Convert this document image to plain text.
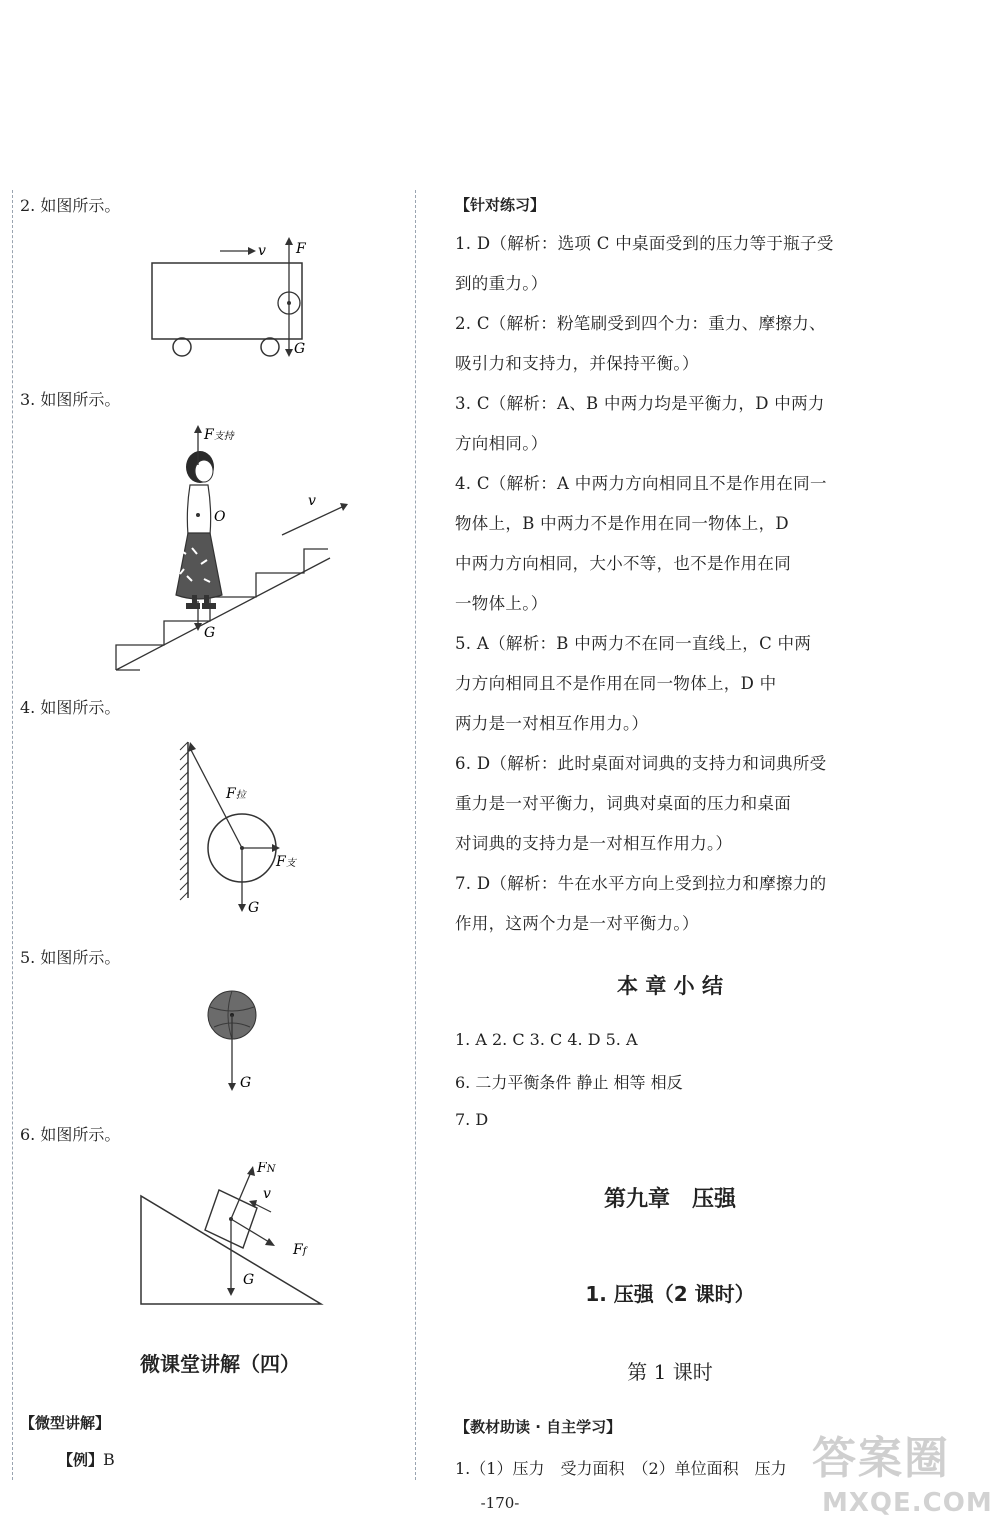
2. 如图所示。
v F
G
3. 如图所示。
v
F支持
O
G
4. 如图所示。
F拉
F支
G
5. 如图所示。
G
6. 如图所示。
FN
v
Ff
G
微课堂讲解（四）
【微型讲解】
【例】B
【针对练习】
1. D（解析：选项 C 中桌面受到的压力等于瓶子受
到的重力。）
2. C（解析：粉笔刷受到四个力：重力、摩擦力、
吸引力和支持力，并保持平衡。）
3. C（解析：A、B 中两力均是平衡力，D 中两力
方向相同。）
4. C（解析：A 中两力方向相同且不是作用在同一
物体上，B 中两力不是作用在同一物体上，D
中两力方向相同，大小不等，也不是作用在同
一物体上。）
5. A（解析：B 中两力不在同一直线上，C 中两
力方向相同且不是作用在同一物体上，D 中
两力是一对相互作用力。）
6. D（解析：此时桌面对词典的支持力和词典所受
重力是一对平衡力，词典对桌面的压力和桌面
对词典的支持力是一对相互作用力。）
7. D（解析：牛在水平方向上受到拉力和摩擦力的
作用，这两个力是一对平衡力。）
本 章 小 结
1. A 2. C 3. C 4. D 5. A
6. 二力平衡条件 静止 相等 相反
7. D
第九章　压强
1. 压强（2 课时）
第 1 课时
【教材助读 · 自主学习】
1.（1）压力　受力面积　（2）单位面积　压力
-170-
答案圈
MXQE.COM
